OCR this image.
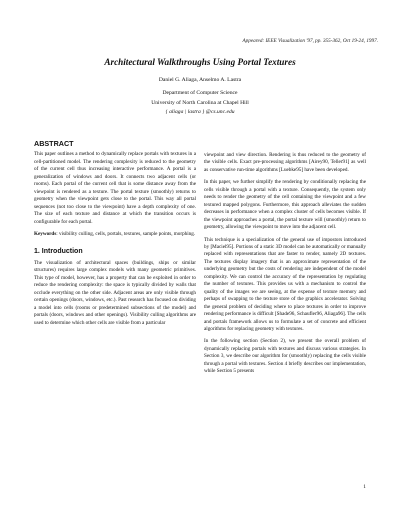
Appeared: IEEE Visualization '97, pp. 355-362, Oct 19-24, 1997.
Architectural Walkthroughs Using Portal Textures
Daniel G. Aliaga, Anselmo A. Lastra
Department of Computer Science
University of North Carolina at Chapel Hill
{ aliaga | lastra } @cs.unc.edu
ABSTRACT

This paper outlines a method to dynamically replace portals with textures in a cell-partitioned model. The rendering complexity is reduced to the geometry of the current cell thus increasing interactive performance. A portal is a generalization of windows and doors. It connects two adjacent cells (or rooms). Each portal of the current cell that is some distance away from the viewpoint is rendered as a texture. The portal texture (smoothly) returns to geometry when the viewpoint gets close to the portal. This way all portal sequences (not too close to the viewpoint) have a depth complexity of one. The size of each texture and distance at which the transition occurs is configurable for each portal.

Keywords: visibility culling, cells, portals, textures, sample points, morphing.

1. Introduction

The visualization of architectural spaces (buildings, ships or similar structures) requires large complex models with many geometric primitives. This type of model, however, has a property that can be exploited in order to reduce the rendering complexity: the space is typically divided by walls that occlude everything on the other side. Adjacent areas are only visible through certain openings (doors, windows, etc.). Past research has focused on dividing a model into cells (rooms or predetermined subsections of the model) and portals (doors, windows and other openings). Visibility culling algorithms are used to determine which other cells are visible from a particular

viewpoint and view direction. Rendering is thus reduced to the geometry of the visible cells. Exact pre-processing algorithms [Airey90, Teller91] as well as conservative run-time algorithms [Luebke95] have been developed.

In this paper, we further simplify the rendering by conditionally replacing the cells visible through a portal with a texture. Consequently, the system only needs to render the geometry of the cell containing the viewpoint and a few textured mapped polygons. Furthermore, this approach alleviates the sudden decreases in performance when a complex cluster of cells becomes visible. If the viewpoint approaches a portal, the portal texture will (smoothly) return to geometry, allowing the viewpoint to move into the adjacent cell.

This technique is a specialization of the general use of impostors introduced by [Maciel95]. Portions of a static 3D model can be automatically or manually replaced with representations that are faster to render, namely 2D textures. The textures display imagery that is an approximate representation of the underlying geometry but the costs of rendering are independent of the model complexity. We can control the accuracy of the representation by regulating the number of textures. This provides us with a mechanism to control the quality of the images we are seeing, at the expense of texture memory and perhaps of swapping to the texture store of the graphics accelerator. Solving the general problem of deciding where to place textures in order to improve rendering performance is difficult [Shade96, Schaufler96, Aliaga96]. The cells and portals framework allows us to formulate a set of concrete and efficient algorithms for replacing geometry with textures.

In the following section (Section 2), we present the overall problem of dynamically replacing portals with textures and discuss various strategies. In Section 3, we describe our algorithm for (smoothly) replacing the cells visible through a portal with textures. Section 4 briefly describes our implementation, while Section 5 presents

1
